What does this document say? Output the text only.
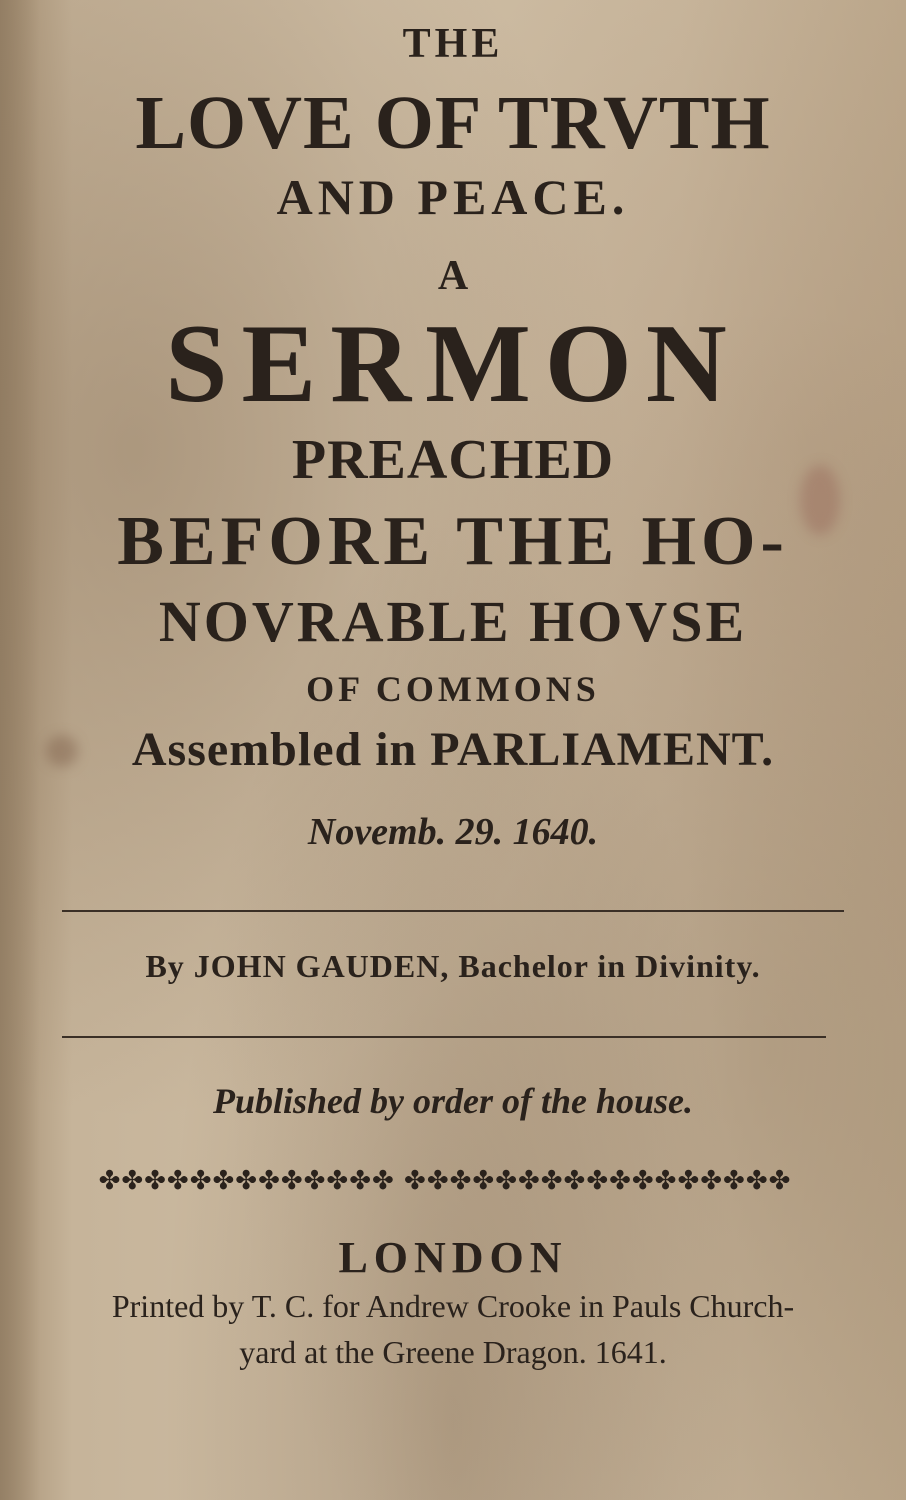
THE
LOVE OF TRVTH
AND PEACE.
A
SERMON
PREACHED
BEFORE THE HO-
NOVRABLE HOVSE
OF COMMONS
Assembled in PARLIAMENT.
Novemb. 29. 1640.
By JOHN GAUDEN, Bachelor in Divinity.
Published by order of the house.
✤✤✤✤✤✤✤✤✤✤✤✤✤ ✤✤✤✤✤✤✤✤✤✤✤✤✤✤✤✤✤
LONDON
Printed by T. C. for Andrew Crooke in Pauls Church-
yard at the Greene Dragon. 1641.
